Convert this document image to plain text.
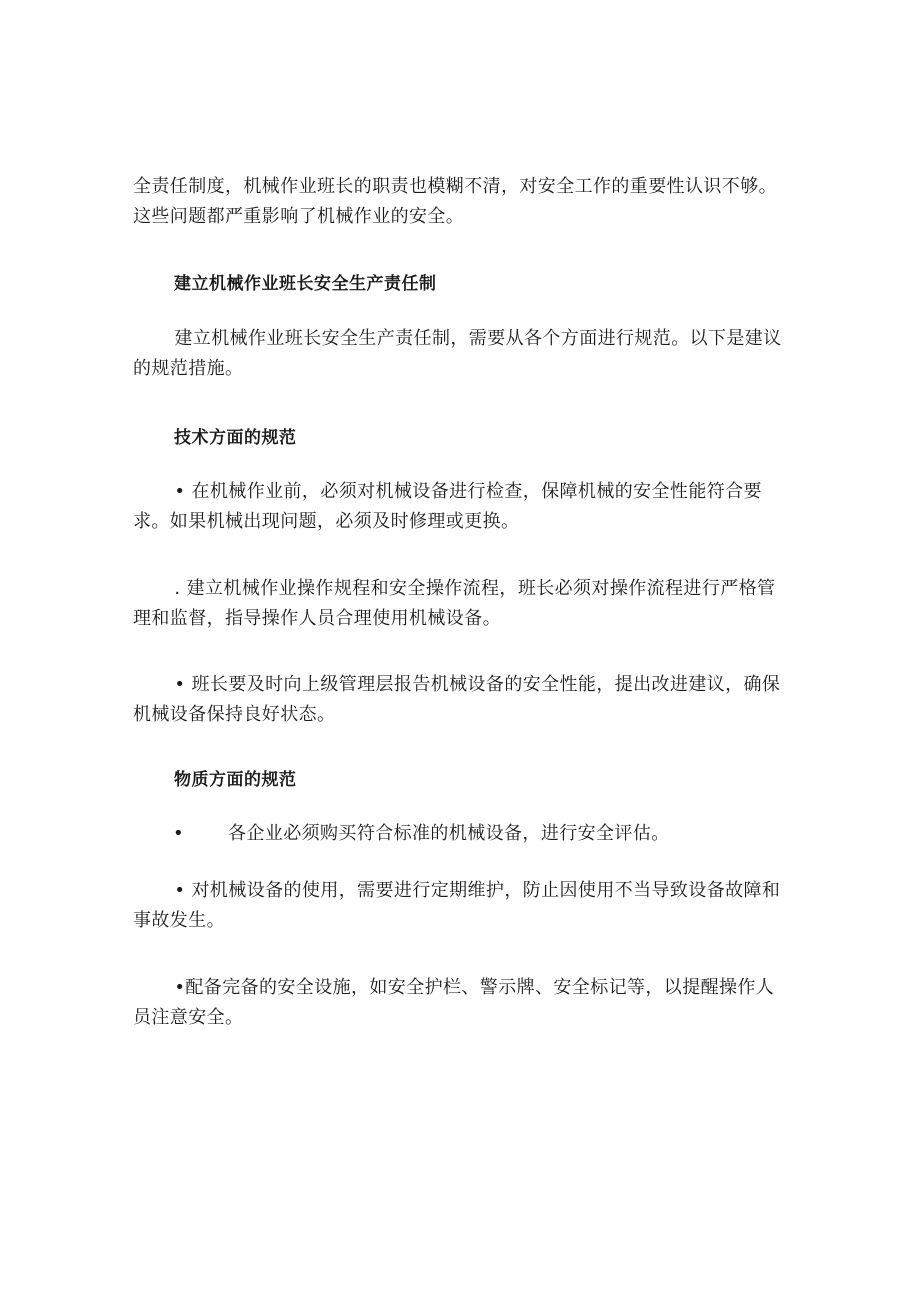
全责任制度，机械作业班长的职责也模糊不清，对安全工作的重要性认识不够。这些问题都严重影响了机械作业的安全。

建立机械作业班长安全生产责任制

建立机械作业班长安全生产责任制，需要从各个方面进行规范。以下是建议的规范措施。

技术方面的规范

• 在机械作业前，必须对机械设备进行检查，保障机械的安全性能符合要求。如果机械出现问题，必须及时修理或更换。

. 建立机械作业操作规程和安全操作流程，班长必须对操作流程进行严格管理和监督，指导操作人员合理使用机械设备。

• 班长要及时向上级管理层报告机械设备的安全性能，提出改进建议，确保机械设备保持良好状态。

物质方面的规范

• 各企业必须购买符合标准的机械设备，进行安全评估。

• 对机械设备的使用，需要进行定期维护，防止因使用不当导致设备故障和事故发生。

•配备完备的安全设施，如安全护栏、警示牌、安全标记等，以提醒操作人员注意安全。
